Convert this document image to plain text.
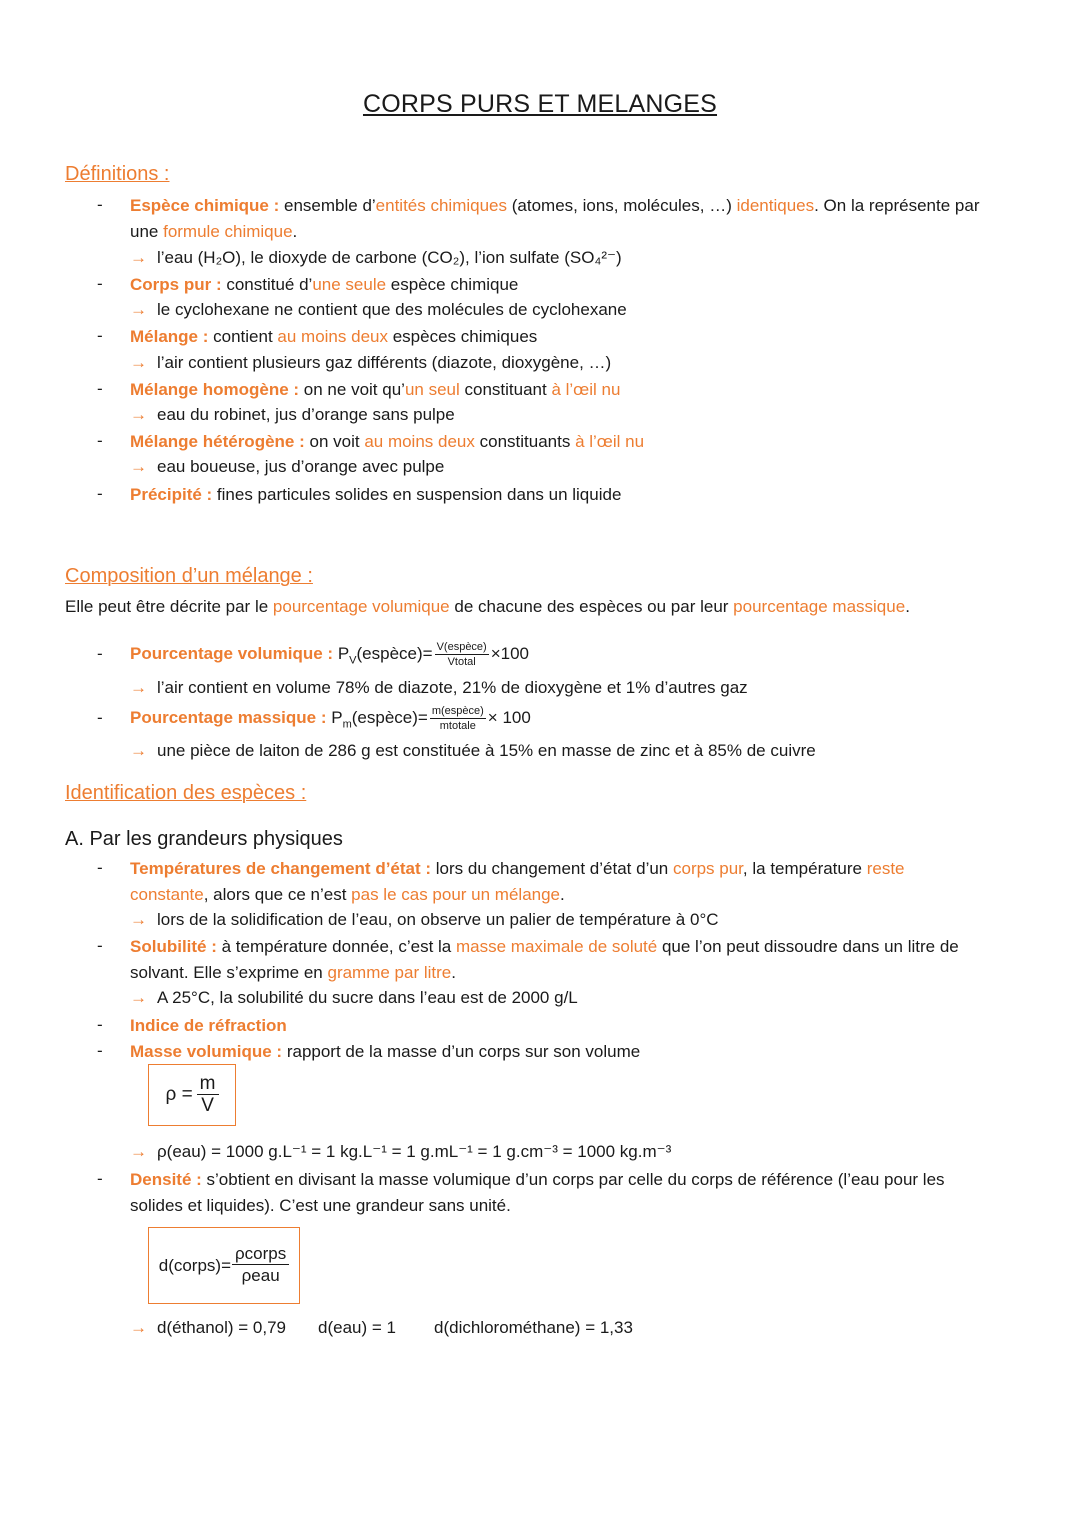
CORPS PURS ET MELANGES
Définitions :
- Espèce chimique : ensemble d’entités chimiques (atomes, ions, molécules, …) identiques. On la représente par
une formule chimique.
→ l’eau (H₂O), le dioxyde de carbone (CO₂), l’ion sulfate (SO₄²⁻)
- Corps pur : constitué d’une seule espèce chimique
→ le cyclohexane ne contient que des molécules de cyclohexane
- Mélange : contient au moins deux espèces chimiques
→ l’air contient plusieurs gaz différents (diazote, dioxygène, …)
- Mélange homogène : on ne voit qu’un seul constituant à l’œil nu
→ eau du robinet, jus d’orange sans pulpe
- Mélange hétérogène : on voit au moins deux constituants à l’œil nu
→ eau boueuse, jus d’orange avec pulpe
- Précipité : fines particules solides en suspension dans un liquide
Composition d’un mélange :
Elle peut être décrite par le pourcentage volumique de chacune des espèces ou par leur pourcentage massique.
- Pourcentage volumique : $P_V(espèce)= \frac{\text{V(espèce)}}{\text{Vtotal}} \times 100$
→ l’air contient en volume 78% de diazote, 21% de dioxygène et 1% d’autres gaz
- Pourcentage massique : $P_m(espèce)= \frac{\text{m(espèce)}}{\text{mtotale}} \times 100$
→ une pièce de laiton de 286 g est constituée à 15% en masse de zinc et à 85% de cuivre
Identification des espèces :
A. Par les grandeurs physiques
- Températures de changement d’état : lors du changement d’état d’un corps pur, la température reste
constante, alors que ce n’est pas le cas pour un mélange.
→ lors de la solidification de l’eau, on observe un palier de température à 0°C
- Solubilité : à température donnée, c’est la masse maximale de soluté que l’on peut dissoudre dans un litre de
solvant. Elle s’exprime en gramme par litre.
→ A 25°C, la solubilité du sucre dans l’eau est de 2000 g/L
- Indice de réfraction
- Masse volumique : rapport de la masse d’un corps sur son volume
$\rho = \frac{m}{V}$
→ ρ(eau) = 1000 g.L⁻¹ = 1 kg.L⁻¹ = 1 g.mL⁻¹ = 1 g.cm⁻³ = 1000 kg.m⁻³
- Densité : s’obtient en divisant la masse volumique d’un corps par celle du corps de référence (l’eau pour les
solides et liquides). C’est une grandeur sans unité.
d(corps)=
ρcorps
ρeau
→ d(éthanol) = 0,79 d(eau) = 1 d(dichlorométhane) = 1,33
